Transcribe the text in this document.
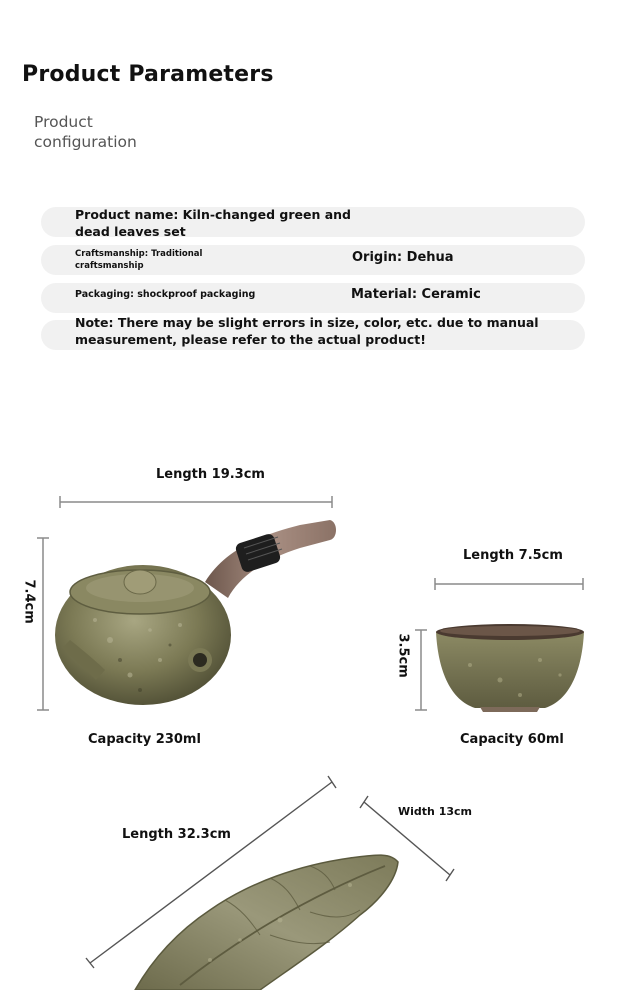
Product Parameters
Product configuration
Product name: Kiln-changed green and dead leaves set
Craftsmanship: Traditional craftsmanship
Origin: Dehua
Packaging: shockproof packaging	Material: Ceramic
Note: There may be slight errors in size, color, etc. due to manual measurement, please refer to the actual product!
Length 19.3cm
7.4cm
Capacity 230ml
Length 7.5cm
3.5cm
Capacity 60ml
Length 32.3cm
Width 13cm
